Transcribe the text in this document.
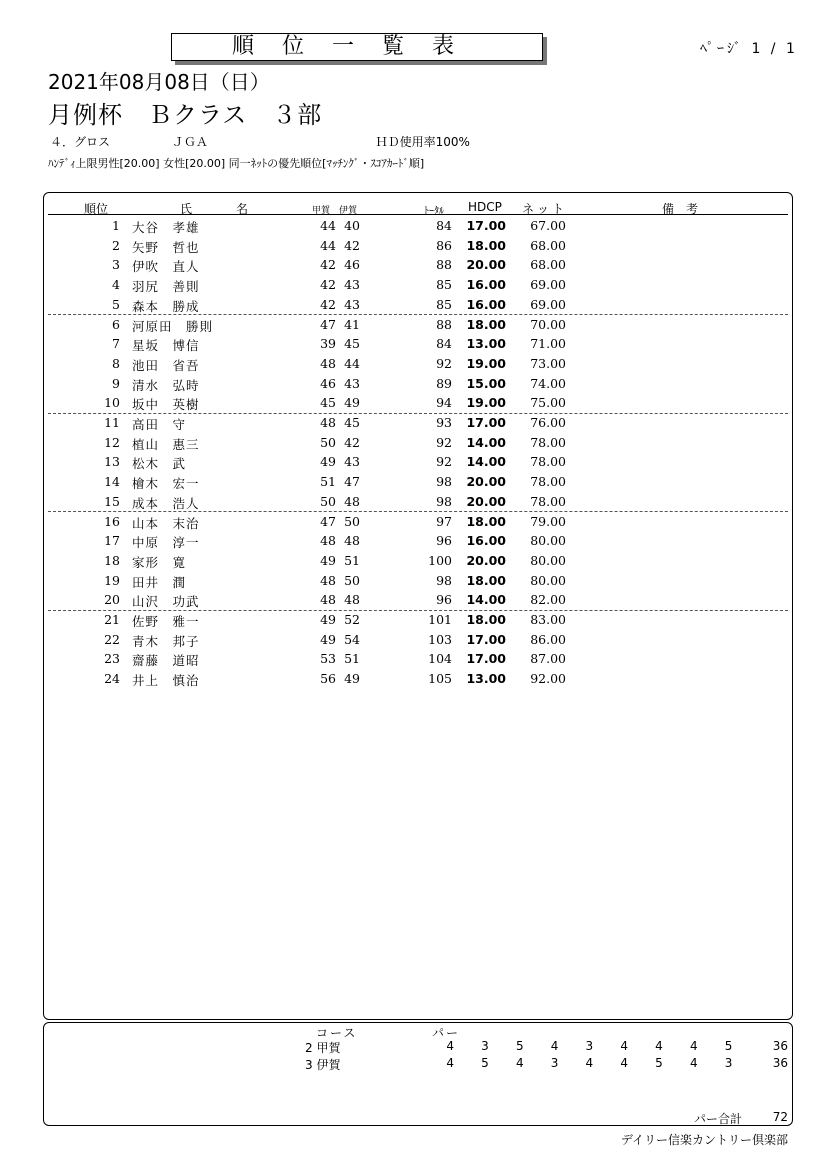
順位一覧表	ﾍﾟｰｼﾞ 1 / 1
2021年08月08日（日）
月例杯　Ｂクラス　３部
４．グロス	ＪＧＡ	ＨＤ使用率100%
ﾊﾝﾃﾞｨ上限男性[20.00] 女性[20.00] 同一ﾈｯﾄの優先順位[ﾏｯﾁﾝｸﾞ・ｽｺｱｶｰﾄﾞ順]
順位	氏　　　名	甲賀 伊賀	ﾄｰﾀﾙ HDCP ネット	備　考
1 大谷　孝雄	44 40	84 17.00 67.00
2 矢野　哲也	44 42	86 18.00 68.00
3 伊吹　直人	42 46	88 20.00 68.00
4 羽尻　善則	42 43	85 16.00 69.00
5 森本　勝成	42 43	85 16.00 69.00
6 河原田　勝則	47 41	88 18.00 70.00
7 星坂　博信	39 45	84 13.00 71.00
8 池田　省吾	48 44	92 19.00 73.00
9 清水　弘時	46 43	89 15.00 74.00
10 坂中　英樹	45 49	94 19.00 75.00
11 高田　守	48 45	93 17.00 76.00
12 植山　惠三	50 42	92 14.00 78.00
13 松木　武	49 43	92 14.00 78.00
14 檜木　宏一	51 47	98 20.00 78.00
15 成本　浩人	50 48	98 20.00 78.00
16 山本　末治	47 50	97 18.00 79.00
17 中原　淳一	48 48	96 16.00 80.00
18 家形　寛	49 51	100 20.00 80.00
19 田井　潤	48 50	98 18.00 80.00
20 山沢　功武	48 48	96 14.00 82.00
21 佐野　雅一	49 52	101 18.00 83.00
22 青木　邦子	49 54	103 17.00 86.00
23 齋藤　道昭	53 51	104 17.00 87.00
24 井上　慎治	56 49	105 13.00 92.00
コース	パー
2 甲賀	4	3	5	4	3	4	4	4	5	36
3 伊賀	4	5	4	3	4	4	5	4	3	36
パー合計	72
デイリー信楽カントリー倶楽部
